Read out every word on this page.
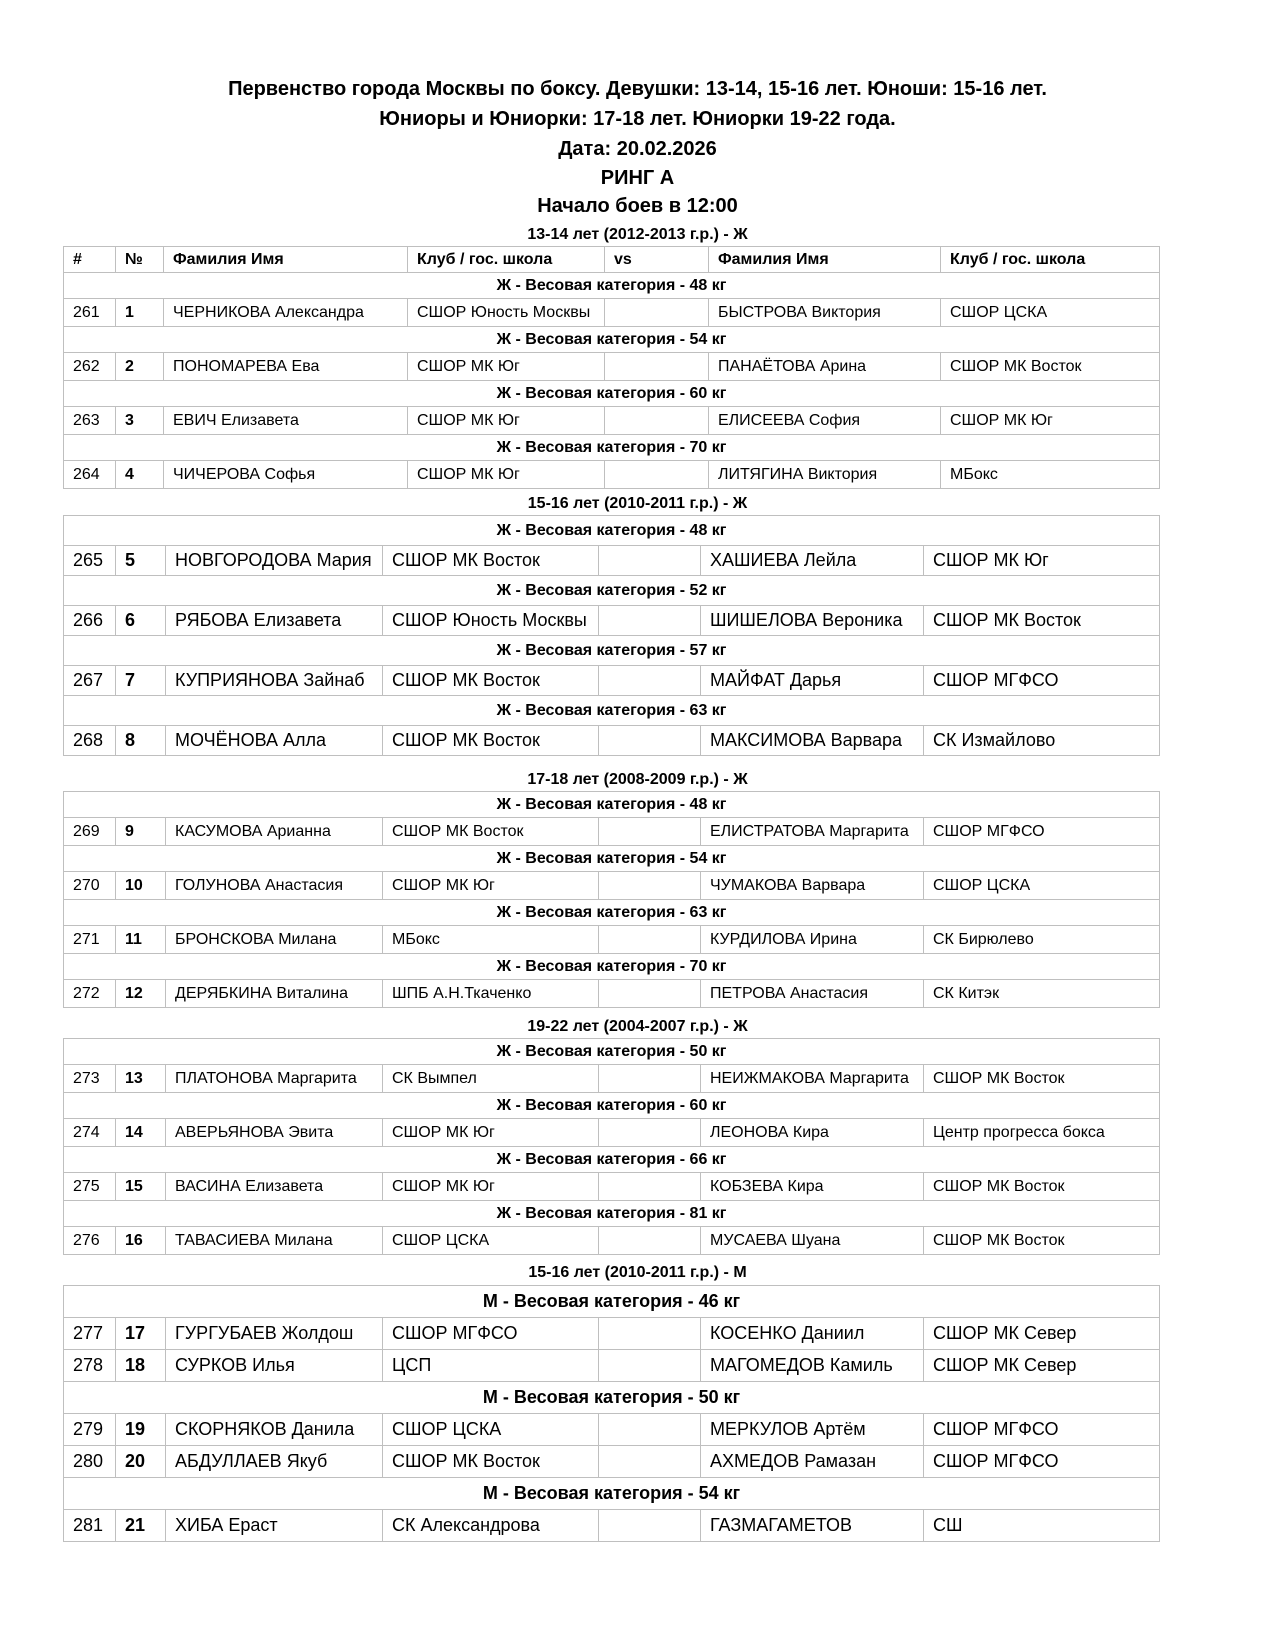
Первенство города Москвы по боксу. Девушки: 13-14, 15-16 лет. Юноши: 15-16 лет.
Юниоры и Юниорки: 17-18 лет. Юниорки 19-22 года.
Дата: 20.02.2026
РИНГ А
Начало боев в 12:00
13-14 лет (2012-2013 г.р.) - Ж
#	№	Фамилия Имя	Клуб / гос. школа	vs	Фамилия Имя	Клуб / гос. школа
Ж - Весовая категория - 48 кг						
261	1	ЧЕРНИКОВА Александра	СШОР Юность Москвы		БЫСТРОВА Виктория	СШОР ЦСКА
Ж - Весовая категория - 54 кг						
262	2	ПОНОМАРЕВА Ева	СШОР МК Юг		ПАНАЁТОВА Арина	СШОР МК Восток
Ж - Весовая категория - 60 кг						
263	3	ЕВИЧ Елизавета	СШОР МК Юг		ЕЛИСЕЕВА София	СШОР МК Юг
Ж - Весовая категория - 70 кг						
264	4	ЧИЧЕРОВА Софья	СШОР МК Юг		ЛИТЯГИНА Виктория	МБокс
15-16 лет (2010-2011 г.р.) - Ж
Ж - Весовая категория - 48 кг						
265	5	НОВГОРОДОВА Мария	СШОР МК Восток		ХАШИЕВА Лейла	СШОР МК Юг
Ж - Весовая категория - 52 кг						
266	6	РЯБОВА Елизавета	СШОР Юность Москвы		ШИШЕЛОВА Вероника	СШОР МК Восток
Ж - Весовая категория - 57 кг						
267	7	КУПРИЯНОВА Зайнаб	СШОР МК Восток		МАЙФАТ Дарья	СШОР МГФСО
Ж - Весовая категория - 63 кг						
268	8	МОЧЁНОВА Алла	СШОР МК Восток		МАКСИМОВА Варвара	СК Измайлово
17-18 лет (2008-2009 г.р.) - Ж
Ж - Весовая категория - 48 кг						
269	9	КАСУМОВА Арианна	СШОР МК Восток		ЕЛИСТРАТОВА Маргарита	СШОР МГФСО
Ж - Весовая категория - 54 кг						
270	10	ГОЛУНОВА Анастасия	СШОР МК Юг		ЧУМАКОВА Варвара	СШОР ЦСКА
Ж - Весовая категория - 63 кг						
271	11	БРОНСКОВА Милана	МБокс		КУРДИЛОВА Ирина	СК Бирюлево
Ж - Весовая категория - 70 кг						
272	12	ДЕРЯБКИНА Виталина	ШПБ А.Н.Ткаченко		ПЕТРОВА Анастасия	СК Китэк
19-22 лет (2004-2007 г.р.) - Ж
Ж - Весовая категория - 50 кг						
273	13	ПЛАТОНОВА Маргарита	СК Вымпел		НЕИЖМАКОВА Маргарита	СШОР МК Восток
Ж - Весовая категория - 60 кг						
274	14	АВЕРЬЯНОВА Эвита	СШОР МК Юг		ЛЕОНОВА Кира	Центр прогресса бокса
Ж - Весовая категория - 66 кг						
275	15	ВАСИНА Елизавета	СШОР МК Юг		КОБЗЕВА Кира	СШОР МК Восток
Ж - Весовая категория - 81 кг						
276	16	ТАВАСИЕВА Милана	СШОР ЦСКА		МУСАЕВА Шуана	СШОР МК Восток
15-16 лет (2010-2011 г.р.) - М
М - Весовая категория - 46 кг						
277	17	ГУРГУБАЕВ Жолдош	СШОР МГФСО		КОСЕНКО Даниил	СШОР МК Север
278	18	СУРКОВ Илья	ЦСП		МАГОМЕДОВ Камиль	СШОР МК Север
М - Весовая категория - 50 кг						
279	19	СКОРНЯКОВ Данила	СШОР ЦСКА		МЕРКУЛОВ Артём	СШОР МГФСО
280	20	АБДУЛЛАЕВ Якуб	СШОР МК Восток		АХМЕДОВ Рамазан	СШОР МГФСО
М - Весовая категория - 54 кг						
281	21	ХИБА Ераст	СК Александрова		ГАЗМАГАМЕТОВ	СШ
